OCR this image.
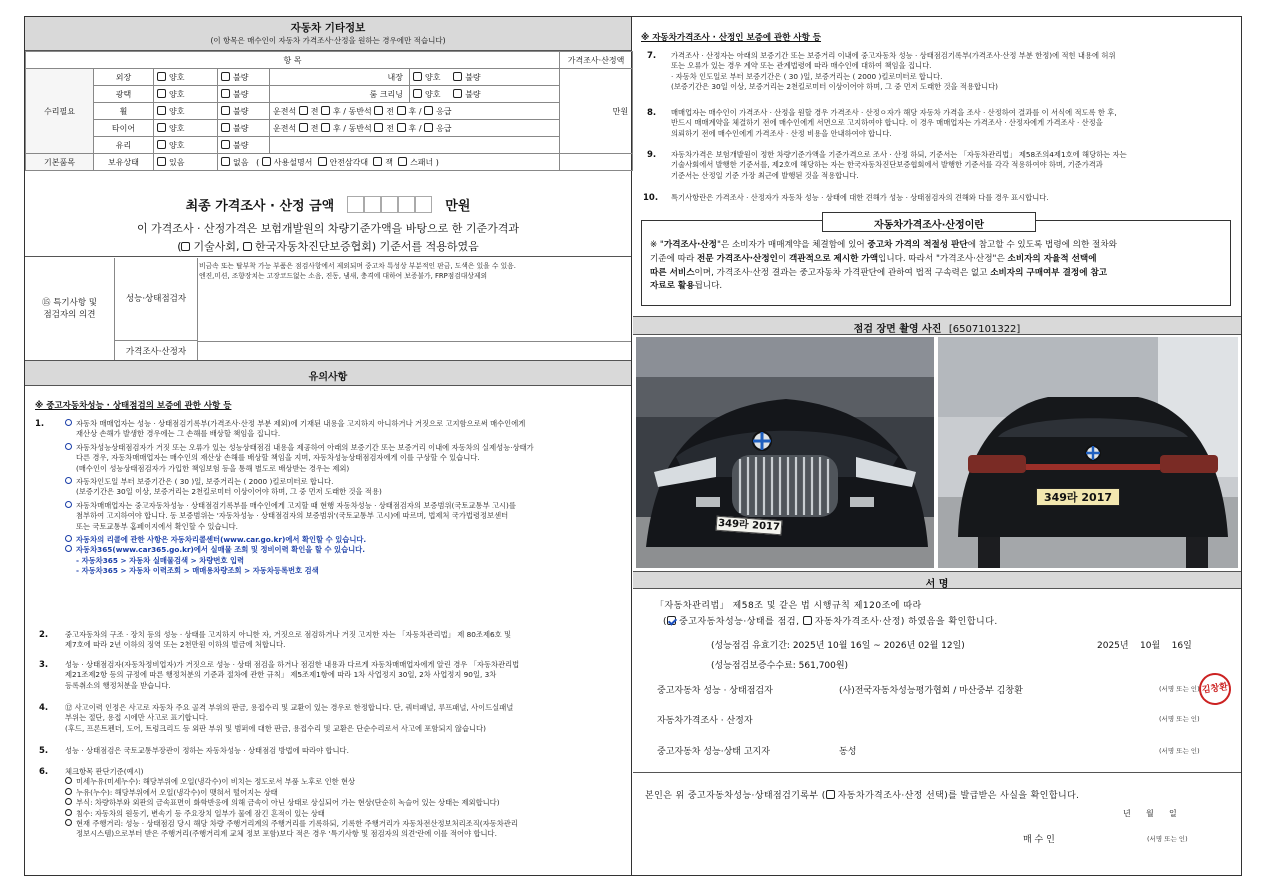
자동차 기타정보
(이 항목은 매수인이 자동차 가격조사·산정을 원하는 경우에만 적습니다)
항 목						가격조사·산정액
수리필요	외장	양호	불량	내장	양호 불량	만원
	광택	양호	불량	룸 크리닝	양호 불량	
	휠	양호	불량	운전석 전 후 / 동반석 전 후 / 응급		
	타이어	양호	불량	운전석 전 후 / 동반석 전 후 / 응급		
	유리	양호	불량			
기본품목	보유상태	있음	없음   ( 사용설명서 안전삼각대 잭 스패너 )			
최종 가격조사 · 산정 금액	만원
이 가격조사 · 산정가격은 보험개발원의 차량기준가액을 바탕으로 한 기준가격과
( 기술사회, 한국자동차진단보증협회) 기준서를 적용하였음
⑮ 특기사항 및
점검자의 의견
성능·상태점검자
비금속 또는 탈부착 가능 부품은 점검사항에서 제외되며 중고차 특성상 부분적인 판금, 도색은 있을 수 있음.
엔진,미션, 조향장치는 고장코드없는 소음, 진동, 냄새, 충격에 대하여 보증불가, FRP점검대상제외
가격조사·산정자
유의사항
※ 중고자동차성능 · 상태점검의 보증에 관한 사항 등
1.	자동차 매매업자는 성능 · 상태점검기록부(가격조사·산정 부분 제외)에 기재된 내용을 고지하지 아니하거나 거짓으로 고지함으로써 매수인에게
재산상 손해가 발생한 경우에는 그 손해를 배상할 책임을 집니다.
자동차성능상태점검자가 거짓 또는 오류가 있는 성능상태점검 내용을 제공하여 아래의 보증기간 또는 보증거리 이내에 자동차의 실제성능·상태가
다른 경우, 자동차매매업자는 매수인의 재산상 손해를 배상할 책임을 지며, 자동차성능상태점검자에게 이를 구상할 수 있습니다.
(매수인이 성능상태점검자가 가입한 책임보험 등을 통해 별도로 배상받는 경우는 제외)
자동차인도일 부터 보증기간은 ( 30 )일, 보증거리는 ( 2000 )킬로미터로 합니다.
(보증기간은 30일 이상, 보증거리는 2천킬로미터 이상이어야 하며, 그 중 먼저 도래한 것을 적용)
자동차매매업자는 중고자동차성능 · 상태점검기록부를 매수인에게 고지할 때 현행 자동차성능 · 상태점검자의 보증범위(국토교통부 고시)를
첨부하여 고지하여야 합니다. 동 보증범위는 '자동차성능 · 상태점검자의 보증범위'(국토교통부 고시)에 따르며, 법제처 국가법령정보센터
또는 국토교통부 홈페이지에서 확인할 수 있습니다.
자동차의 리콜에 관한 사항은 자동차리콜센터(www.car.go.kr)에서 확인할 수 있습니다.
자동차365(www.car365.go.kr)에서 실매물 조회 및 정비이력 확인을 할 수 있습니다.
- 자동차365 > 자동차 실매물검색 > 차량번호 입력
- 자동차365 > 자동차 이력조회 > 매매용차량조회 > 자동차등록번호 검색
2. 중고자동차의 구조 · 장치 등의 성능 · 상태를 고지하지 아니한 자, 거짓으로 점검하거나 거짓 고지한 자는 「자동차관리법」 제 80조제6호 및
제7호에 따라 2년 이하의 징역 또는 2천만원 이하의 벌금에 처합니다.
3. 성능 · 상태점검자(자동차정비업자)가 거짓으로 성능 · 상태 점검을 하거나 점검한 내용과 다르게 자동차매매업자에게 알린 경우 「자동차관리법
제21조제2항 등의 규정에 따른 행정처분의 기준과 절차에 관한 규칙」 제5조제1항에 따라 1차 사업정지 30일, 2차 사업정지 90일, 3차
등록취소의 행정처분을 받습니다.
4. ⑫ 사고이력 인정은 사고로 자동차 주요 골격 부위의 판금, 용접수리 및 교환이 있는 경우로 한정합니다. 단, 쿼터패널, 루프패널, 사이드실패널
부위는 절단, 용접 시에만 사고로 표기합니다.
(후드, 프론트펜더, 도어, 트렁크리드 등 외판 부위 및 범퍼에 대한 판금, 용접수리 및 교환은 단순수리로서 사고에 포함되지 않습니다)
5. 성능 · 상태점검은 국토교통부장관이 정하는 자동차성능 · 상태점검 방법에 따라야 합니다.
6. 체크항목 판단기준(예시)
미세누유(미세누수): 해당부위에 오일(냉각수)이 비치는 정도로서 부품 노후로 인한 현상
누유(누수): 해당부위에서 오일(냉각수)이 맺혀서 떨어지는 상태
부식: 차량하부와 외판의 금속표면이 화학반응에 의해 금속이 아닌 상태로 상실되어 가는 현상(단순히 녹슬어 있는 상태는 제외합니다)
침수: 자동차의 원동기, 변속기 등 주요장치 일부가 물에 잠긴 흔적이 있는 상태
현재 주행거리: 성능 · 상태점검 당시 해당 차량 주행거리계의 주행거리를 기록하되, 기록한 주행거리가 자동차전산정보처리조직(자동차관리
정보시스템)으로부터 받은 주행거리(주행거리계 교체 정보 포함)보다 적은 경우 '특기사항 및 점검자의 의견'란에 이를 적어야 합니다.
※ 자동차가격조사 · 산정인 보증에 관한 사항 등
7. 가격조사 · 산정자는 아래의 보증기간 또는 보증거리 이내에 중고자동차 성능 · 상태점검기록부(가격조사·산정 부분 한정)에 적힌 내용에 허위
또는 오류가 있는 경우 계약 또는 관계법령에 따라 매수인에 대하여 책임을 집니다.
· 자동차 인도일로 부터 보증기간은 ( 30 )일, 보증거리는 ( 2000 )킬로미터로 합니다.
(보증기간은 30일 이상, 보증거리는 2천킬로미터 이상이어야 하며, 그 중 먼저 도래한 것을 적용합니다)
8. 매매업자는 매수인이 가격조사 · 산정을 원할 경우 가격조사 · 산정ㅇ자가 해당 자동차 가격을 조사 · 산정하여 결과를 이 서식에 적도록 한 후,
반드시 매매계약을 체결하기 전에 매수인에게 서면으로 고지하여야 합니다. 이 경우 매매업자는 가격조사 · 산정자에게 가격조사 · 산정을
의뢰하기 전에 매수인에게 가격조사 · 산정 비용을 안내하여야 합니다.
9. 자동차가격은 보험개발원이 정한 차량기준가액을 기준가격으로 조사 · 산정 하되, 기준서는 「자동차관리법」 제58조의4제1호에 해당하는 자는
기술사회에서 발행한 기준서를, 제2호에 해당하는 자는 한국자동차진단보증협회에서 발행한 기준서를 각각 적용하여야 하며, 기준가격과
기준서는 산정일 기준 가장 최근에 발행된 것을 적용합니다.
10. 특기사항란은 가격조사 · 산정자가 자동차 성능 · 상태에 대한 견해가 성능 · 상태점검자의 견해와 다를 경우 표시합니다.
자동차가격조사·산정이란
※ "가격조사·산정"은 소비자가 매매계약을 체결함에 있어 중고차 가격의 적절성 판단에 참고할 수 있도록 법령에 의한 절차와
기준에 따라 전문 가격조사·산정인이 객관적으로 제시한 가액입니다. 따라서 "가격조사·산정"은 소비자의 자율적 선택에
따른 서비스이며, 가격조사·산정 결과는 중고자동차 가격판단에 관하여 법적 구속력은 없고 소비자의 구매여부 결정에 참고
자료로 활용됩니다.
점검 장면 촬영 사진 [6507101322]
349라 2017
349라 2017
서 명
「자동차관리법」 제58조 및 같은 법 시행규칙 제120조에 따라
( 중고자동차성능·상태를 점검, 자동차가격조사·산정) 하였음을 확인합니다.
(성능점검 유효기간: 2025년 10월 16일 ~ 2026년 02월 12일)	2025년    10월    16일
(성능점검보증수수료: 561,700원)
중고자동차 성능 · 상태점검자	(사)전국자동차성능평가협회 / 마산중부 김창환	(서명 또는 인) 김창환
자동차가격조사 · 산정자	(서명 또는 인)
중고자동차 성능·상태 고지자	동성	(서명 또는 인)
본인은 위 중고자동차성능·상태점검기록부 ( 자동차가격조사·산정 선택)를 발급받은 사실을 확인합니다.
년      월      일
매 수 인	(서명 또는 인)
